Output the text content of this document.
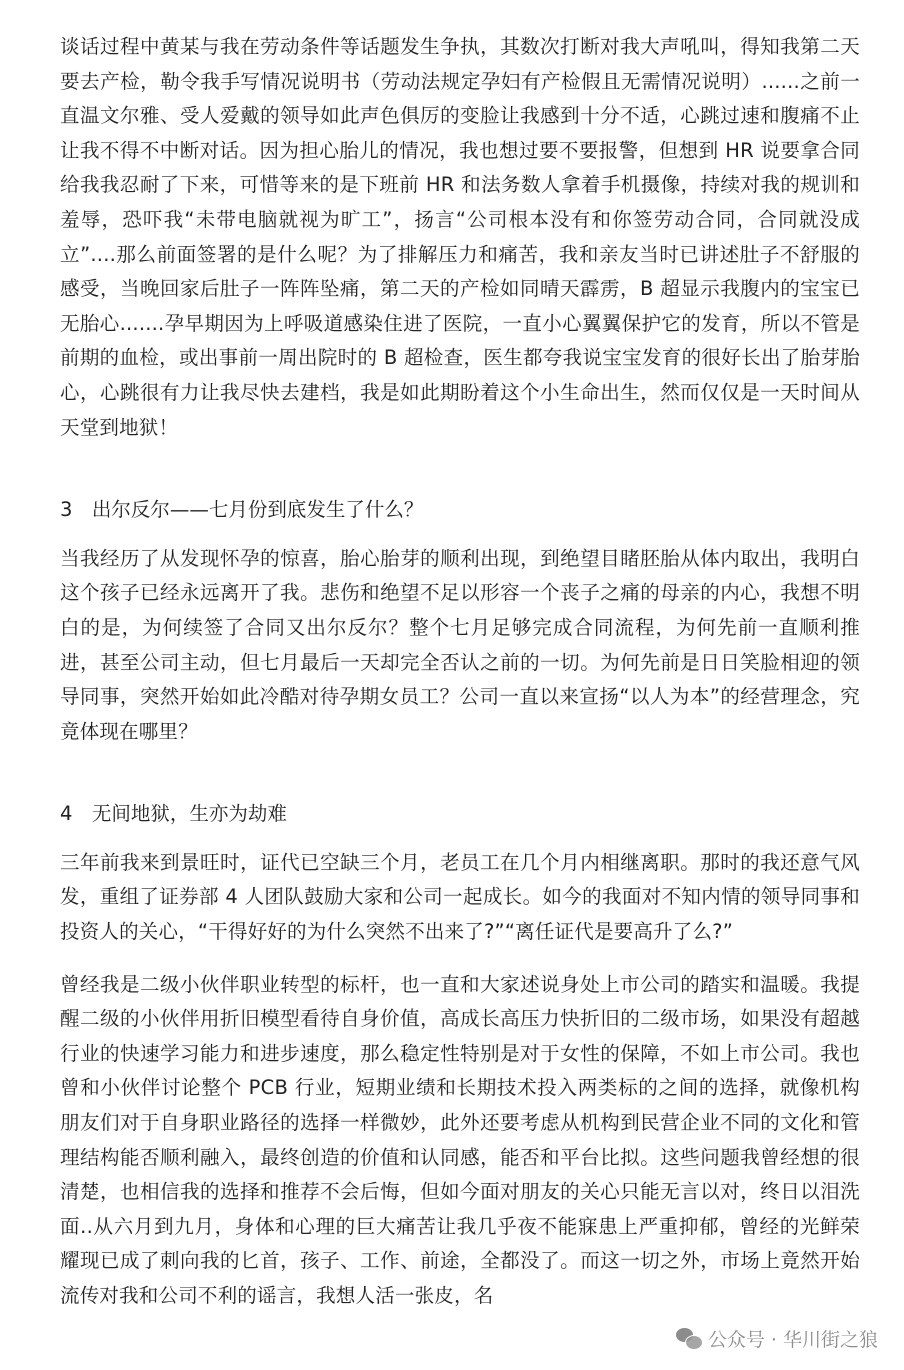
谈话过程中黄某与我在劳动条件等话题发生争执，其数次打断对我大声吼叫，得知我第二天要去产检，勒令我手写情况说明书（劳动法规定孕妇有产检假且无需情况说明）......之前一直温文尔雅、受人爱戴的领导如此声色俱厉的变脸让我感到十分不适，心跳过速和腹痛不止让我不得不中断对话。因为担心胎儿的情况，我也想过要不要报警，但想到 HR 说要拿合同给我我忍耐了下来，可惜等来的是下班前 HR 和法务数人拿着手机摄像，持续对我的规训和羞辱，恐吓我“未带电脑就视为旷工”，扬言“公司根本没有和你签劳动合同，合同就没成立”....那么前面签署的是什么呢？为了排解压力和痛苦，我和亲友当时已讲述肚子不舒服的感受，当晚回家后肚子一阵阵坠痛，第二天的产检如同晴天霹雳，B 超显示我腹内的宝宝已无胎心.......孕早期因为上呼吸道感染住进了医院，一直小心翼翼保护它的发育，所以不管是前期的血检，或出事前一周出院时的 B 超检查，医生都夸我说宝宝发育的很好长出了胎芽胎心，心跳很有力让我尽快去建档，我是如此期盼着这个小生命出生，然而仅仅是一天时间从天堂到地狱！

3　出尔反尔——七月份到底发生了什么？

当我经历了从发现怀孕的惊喜，胎心胎芽的顺利出现，到绝望目睹胚胎从体内取出，我明白这个孩子已经永远离开了我。悲伤和绝望不足以形容一个丧子之痛的母亲的内心，我想不明白的是，为何续签了合同又出尔反尔？整个七月足够完成合同流程，为何先前一直顺利推进，甚至公司主动，但七月最后一天却完全否认之前的一切。为何先前是日日笑脸相迎的领导同事，突然开始如此冷酷对待孕期女员工？公司一直以来宣扬“以人为本”的经营理念，究竟体现在哪里？

4　无间地狱，生亦为劫难

三年前我来到景旺时，证代已空缺三个月，老员工在几个月内相继离职。那时的我还意气风发，重组了证券部 4 人团队鼓励大家和公司一起成长。如今的我面对不知内情的领导同事和投资人的关心，“干得好好的为什么突然不出来了?”“离任证代是要高升了么?”

曾经我是二级小伙伴职业转型的标杆，也一直和大家述说身处上市公司的踏实和温暖。我提醒二级的小伙伴用折旧模型看待自身价值，高成长高压力快折旧的二级市场，如果没有超越行业的快速学习能力和进步速度，那么稳定性特别是对于女性的保障，不如上市公司。我也曾和小伙伴讨论整个 PCB 行业，短期业绩和长期技术投入两类标的之间的选择，就像机构朋友们对于自身职业路径的选择一样微妙，此外还要考虑从机构到民营企业不同的文化和管理结构能否顺利融入，最终创造的价值和认同感，能否和平台比拟。这些问题我曾经想的很清楚，也相信我的选择和推荐不会后悔，但如今面对朋友的关心只能无言以对，终日以泪洗面..从六月到九月，身体和心理的巨大痛苦让我几乎夜不能寐患上严重抑郁，曾经的光鲜荣耀现已成了刺向我的匕首，孩子、工作、前途，全都没了。而这一切之外，市场上竟然开始流传对我和公司不利的谣言，我想人活一张皮，名

公众号 · 华川街之狼
